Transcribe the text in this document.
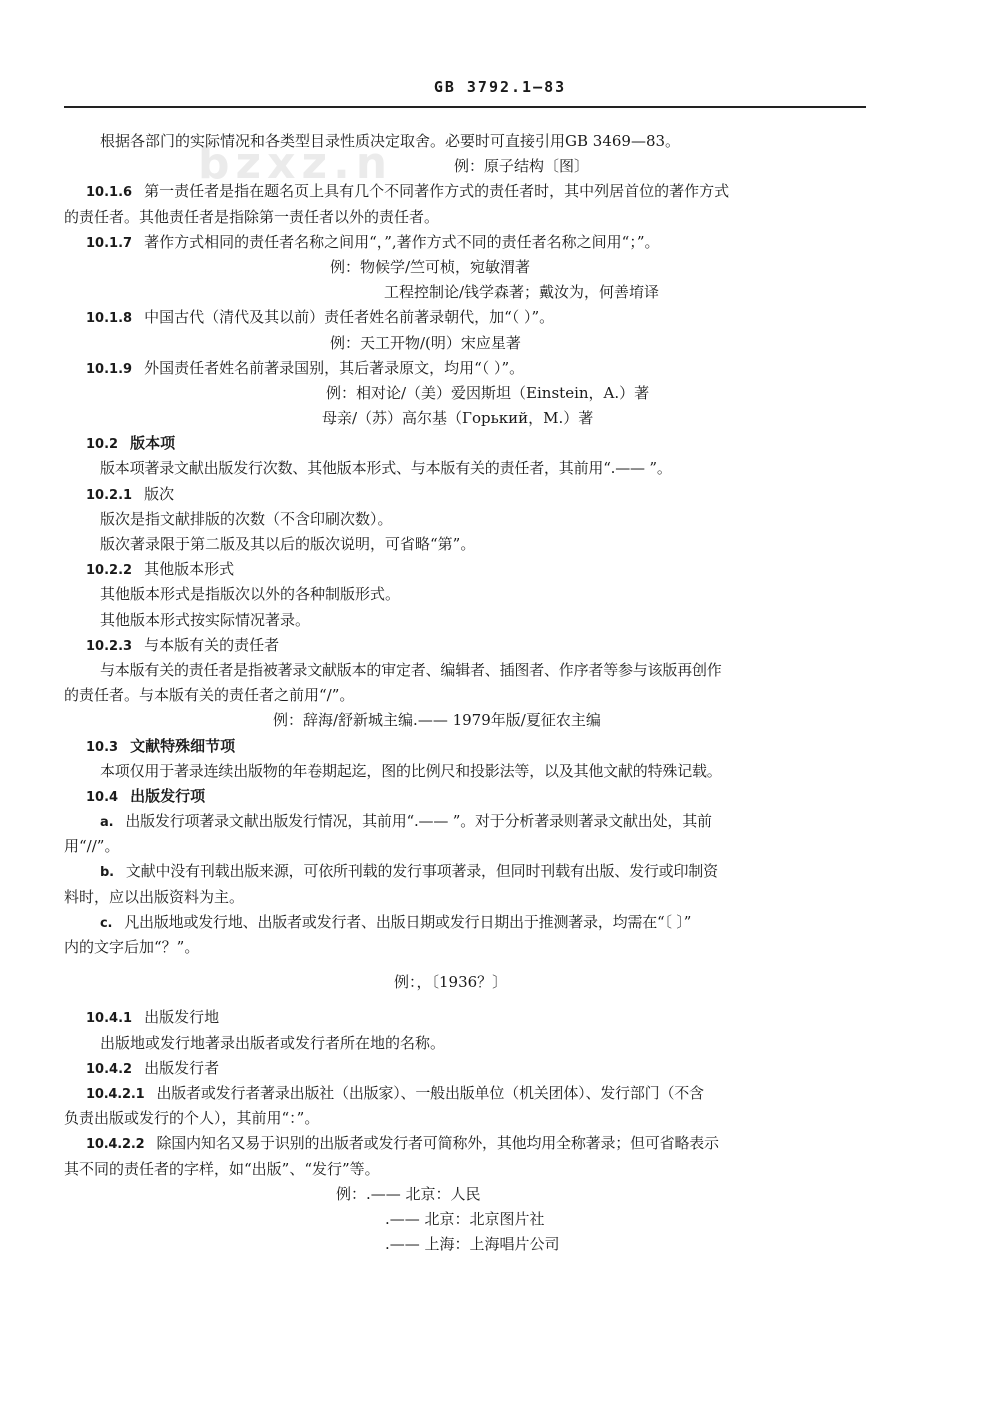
bzxz.n
GB 3792.1—83
根据各部门的实际情况和各类型目录性质决定取舍。必要时可直接引用GB 3469—83。
例：原子结构〔图〕
10.1.6 第一责任者是指在题名页上具有几个不同著作方式的责任者时，其中列居首位的著作方式
的责任者。其他责任者是指除第一责任者以外的责任者。
10.1.7 著作方式相同的责任者名称之间用“，”,著作方式不同的责任者名称之间用“；”。
例：物候学/竺可桢，宛敏渭著
工程控制论/钱学森著；戴汝为，何善堉译
10.1.8 中国古代（清代及其以前）责任者姓名前著录朝代，加“（ ）”。
例：天工开物/(明）宋应星著
10.1.9 外国责任者姓名前著录国别，其后著录原文，均用“（ ）”。
例：相对论/（美）爱因斯坦（Einstein，A.）著
母亲/（苏）高尔基（Горький，М.）著
10.2 版本项
版本项著录文献出版发行次数、其他版本形式、与本版有关的责任者，其前用“.—— ”。
10.2.1 版次
版次是指文献排版的次数（不含印刷次数）。
版次著录限于第二版及其以后的版次说明，可省略“第”。
10.2.2 其他版本形式
其他版本形式是指版次以外的各种制版形式。
其他版本形式按实际情况著录。
10.2.3 与本版有关的责任者
与本版有关的责任者是指被著录文献版本的审定者、编辑者、插图者、作序者等参与该版再创作
的责任者。与本版有关的责任者之前用“/”。
例：辞海/舒新城主编.—— 1979年版/夏征农主编
10.3 文献特殊细节项
本项仅用于著录连续出版物的年卷期起迄，图的比例尺和投影法等，以及其他文献的特殊记载。
10.4 出版发行项
a. 出版发行项著录文献出版发行情况，其前用“.—— ”。对于分析著录则著录文献出处，其前
用“//”。
b. 文献中没有刊载出版来源，可依所刊载的发行事项著录，但同时刊载有出版、发行或印制资
料时，应以出版资料为主。
c. 凡出版地或发行地、出版者或发行者、出版日期或发行日期出于推测著录，均需在“〔 〕”
内的文字后加“？”。
例：，〔1936？〕
10.4.1 出版发行地
出版地或发行地著录出版者或发行者所在地的名称。
10.4.2 出版发行者
10.4.2.1 出版者或发行者著录出版社（出版家）、一般出版单位（机关团体）、发行部门（不含
负责出版或发行的个人），其前用“：”。
10.4.2.2 除国内知名又易于识别的出版者或发行者可简称外，其他均用全称著录；但可省略表示
其不同的责任者的字样，如“出版”、“发行”等。
例：.—— 北京：人民
.—— 北京：北京图片社
.—— 上海：上海唱片公司
